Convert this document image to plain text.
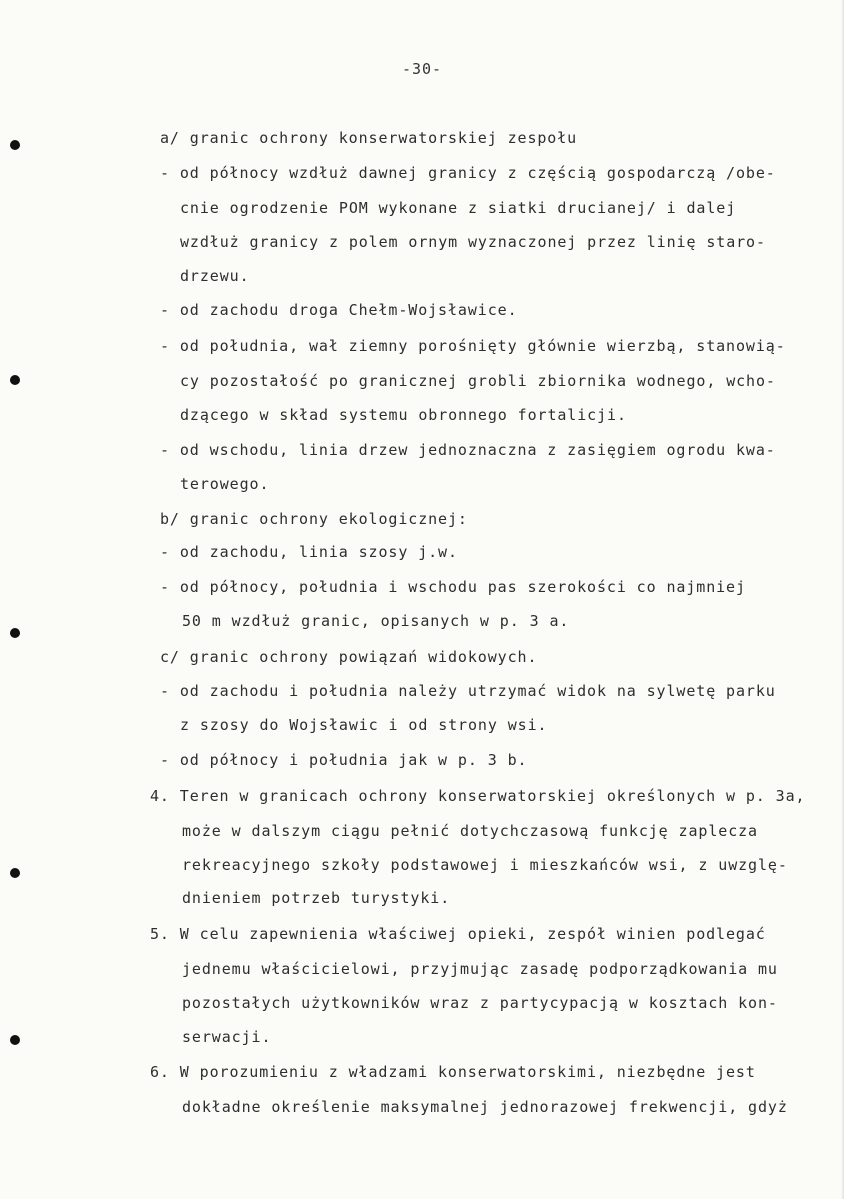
-30-
a/ granic ochrony konserwatorskiej zespołu
- od północy wzdłuż dawnej granicy z częścią gospodarczą /obe-
cnie ogrodzenie POM wykonane z siatki drucianej/ i dalej
wzdłuż granicy z polem ornym wyznaczonej przez linię staro-
drzewu.
- od zachodu droga Chełm-Wojsławice.
- od południa, wał ziemny porośnięty głównie wierzbą, stanowią-
cy pozostałość po granicznej grobli zbiornika wodnego, wcho-
dzącego w skład systemu obronnego fortalicji.
- od wschodu, linia drzew jednoznaczna z zasięgiem ogrodu kwa-
terowego.
b/ granic ochrony ekologicznej:
- od zachodu, linia szosy j.w.
- od północy, południa i wschodu pas szerokości co najmniej
50 m wzdłuż granic, opisanych w p. 3 a.
c/ granic ochrony powiązań widokowych.
- od zachodu i południa należy utrzymać widok na sylwetę parku
z szosy do Wojsławic i od strony wsi.
- od północy i południa jak w p. 3 b.
4. Teren w granicach ochrony konserwatorskiej określonych w p. 3a,
może w dalszym ciągu pełnić dotychczasową funkcję zaplecza
rekreacyjnego szkoły podstawowej i mieszkańców wsi, z uwzglę-
dnieniem potrzeb turystyki.
5. W celu zapewnienia właściwej opieki, zespół winien podlegać
jednemu właścicielowi, przyjmując zasadę podporządkowania mu
pozostałych użytkowników wraz z partycypacją w kosztach kon-
serwacji.
6. W porozumieniu z władzami konserwatorskimi, niezbędne jest
dokładne określenie maksymalnej jednorazowej frekwencji, gdyż
